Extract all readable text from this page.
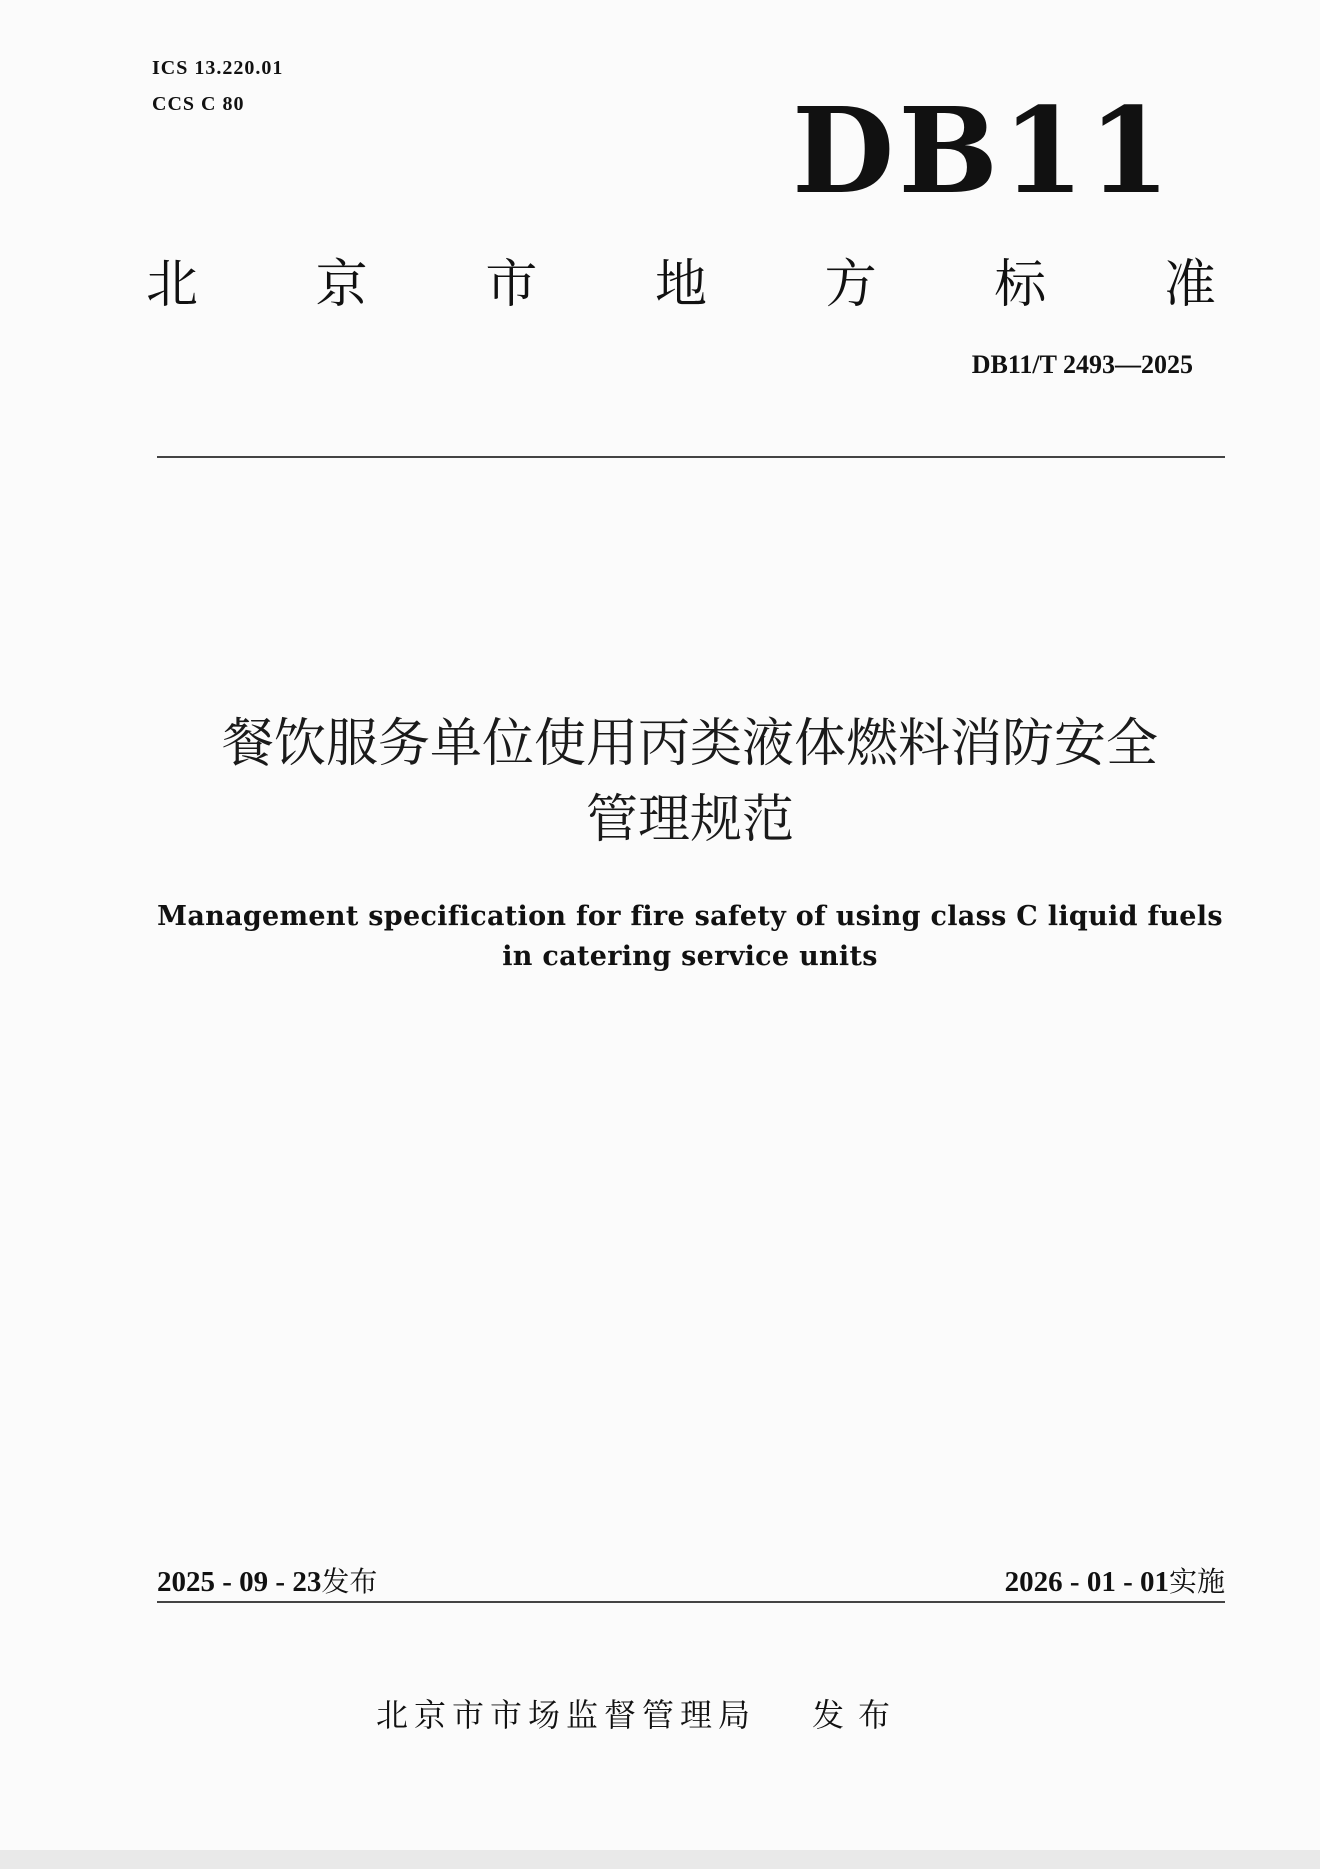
ICS 13.220.01
CCS C 80	DB11
北 京 市 地 方 标 准
DB11/T 2493—2025
餐饮服务单位使用丙类液体燃料消防安全
管理规范
Management specification for fire safety of using class C liquid fuels
in catering service units
2025 - 09 - 23发布	2026 - 01 - 01实施
北京市市场监督管理局 发布
